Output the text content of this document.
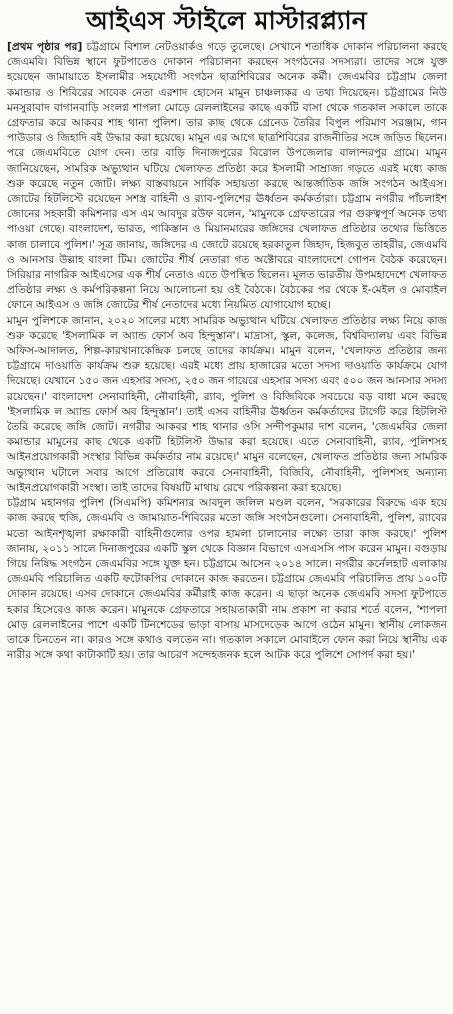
আইএস স্টাইলে মাস্টারপ্ল্যান

[প্রথম পৃষ্ঠার পর] চট্টগ্রামে বিশাল নেটওয়ার্কও গড়ে তুলেছে। সেখানে শতাধিক দোকান পরিচালনা করছে জেএমবি। বিভিন্ন স্থানে ফুটপাতেও দোকান পরিচালনা করছেন সংগঠনের সদস্যরা। তাদের সঙ্গে যুক্ত হয়েছেন জামায়াতে ইসলামীর সহযোগী সংগঠন ছাত্রশিবিরের অনেক কর্মী। জেএমবির চট্টগ্রাম জেলা কমান্ডার ও শিবিরের সাবেক নেতা এরশাদ হোসেন মামুন চাঞ্চল্যকর এ তথ্য দিয়েছেন। চট্টগ্রামের নিউ মনসুরাবাদ বাগানবাড়ি সংলগ্ন শাপলা মোড়ে রেললাইনের কাছে একটি বাসা থেকে গতকাল সকালে তাকে গ্রেফতার করে আকবর শাহ থানা পুলিশ। তার কাছ থেকে গ্রেনেড তৈরির বিপুল পরিমাণ সরঞ্জাম, গান পাউডার ও জিহাদি বই উদ্ধার করা হয়েছে। মামুন এর আগে ছাত্রশিবিরের রাজনীতির সঙ্গে জড়িত ছিলেন। পরে জেএমবিতে যোগ দেন। তার বাড়ি দিনাজপুরের বিরোল উপজেলার বালান্দরপুর গ্রামে। মামুন জানিয়েছেন, সামরিক অভ্যুত্থান ঘটিয়ে খেলাফত প্রতিষ্ঠা করে ইসলামী সাম্রাজ্য গড়তে এরই মধ্যে কাজ শুরু করেছে নতুন জোট। লক্ষ্য বাস্তবায়নে সার্বিক সহায়তা করছে আন্তর্জাতিক জঙ্গি সংগঠন আইএস। জোটের হিটলিস্টে রয়েছেন সশস্ত্র বাহিনী ও র‌্যাব-পুলিশের ঊর্ধ্বতন কর্মকর্তারা। চট্টগ্রাম নগরীর পাঁচলাইশ জোনের সহকারী কমিশনার এস এম আবদুর রউফ বলেন, 'মামুনকে গ্রেফতারের পর গুরুত্বপূর্ণ অনেক তথ্য পাওয়া গেছে। বাংলাদেশ, ভারত, পাকিস্তান ও মিয়ানমারের জঙ্গিদের খেলাফত প্রতিষ্ঠার তথ্যের ভিত্তিতে কাজ চালাবে পুলিশ।' সূত্র জানায়, জঙ্গিদের এ জোটে রয়েছে হরকাতুল জিহাদ, হিজবুত তাহরীর, জেএমবি ও আনসার উল্লাহ বাংলা টিম। জোটের শীর্ষ নেতারা গত অক্টোবরে বাংলাদেশে গোপন বৈঠক করেছেন। সিরিয়ার নাগরিক আইএসের এক শীর্ষ নেতাও এতে উপস্থিত ছিলেন। মূলত ভারতীয় উপমহাদেশে খেলাফত প্রতিষ্ঠার লক্ষ্য ও কর্মপরিকল্পনা নিয়ে আলোচনা হয় ওই বৈঠকে। বৈঠকের পর থেকে ই-মেইল ও মোবাইল ফোনে আইএস ও জঙ্গি জোটের শীর্ষ নেতাদের মধ্যে নিয়মিত যোগাযোগ হচ্ছে।

মামুন পুলিশকে জানান, ২০২০ সালের মধ্যে সামরিক অভ্যুত্থান ঘটিয়ে খেলাফত প্রতিষ্ঠার লক্ষ্য নিয়ে কাজ শুরু করেছে 'ইসলামিক ল অ্যান্ড ফোর্স অব হিন্দুস্তান'। মাদ্রাসা, স্কুল, কলেজ, বিশ্ববিদ্যালয় এবং বিভিন্ন অফিস-আদালত, শিল্প-কারখানাকেন্দ্রিক চলছে তাদের কার্যক্রম। মামুন বলেন, 'খেলাফত প্রতিষ্ঠার জন্য চট্টগ্রামে দাওয়াতি কার্যক্রম শুরু হয়েছে। এরই মধ্যে প্রায় হাজারের মতো সদস্য দাওয়াতি কার্যক্রমে যোগ দিয়েছে। যেখানে ১৫০ জন এহসার সদস্য, ২৫০ জন গায়েরে এহসার সদস্য এবং ৫০০ জন আনসার সদস্য রয়েছেন।' বাংলাদেশ সেনাবাহিনী, নৌবাহিনী, র‌্যাব, পুলিশ ও বিজিবিকে সবচেয়ে বড় বাধা মনে করছে 'ইসলামিক ল অ্যান্ড ফোর্স অব হিন্দুস্তান'। তাই এসব বাহিনীর ঊর্ধ্বতন কর্মকর্তাদের টার্গেট করে হিটলিস্ট তৈরি করেছে জঙ্গি জোট। নগরীর আকবর শাহ থানার ওসি সন্দীপকুমার দাশ বলেন, 'জেএমবির জেলা কমান্ডার মামুনের কাছ থেকে একটি হিটলিস্ট উদ্ধার করা হয়েছে। এতে সেনাবাহিনী, র‌্যাব, পুলিশসহ আইনপ্রয়োগকারী সংস্থার বিভিন্ন কর্মকর্তার নাম রয়েছে।' মামুন বলেছেন, খেলাফত প্রতিষ্ঠার জন্য সামরিক অভ্যুত্থান ঘটালে সবার আগে প্রতিরোধ করবে সেনাবাহিনী, বিজিবি, নৌবাহিনী, পুলিশসহ অন্যান্য আইনপ্রয়োগকারী সংস্থা। তাই তাদের বিষয়টি মাথায় রেখে পরিকল্পনা করা হয়েছে।

চট্টগ্রাম মহানগর পুলিশ (সিএমপি) কমিশনার আবদুল জলিল মণ্ডল বলেন, 'সরকারের বিরুদ্ধে এক হয়ে কাজ করছে হুজি, জেএমবি ও জামায়াত-শিবিরের মতো জঙ্গি সংগঠনগুলো। সেনাবাহিনী, পুলিশ, র‌্যাবের মতো আইনশৃঙ্খলা রক্ষাকারী বাহিনীগুলোর ওপর হামলা চালানোর লক্ষ্যে তারা কাজ করছে।' পুলিশ জানায়, ২০১১ সালে দিনাজপুরের একটি স্কুল থেকে বিজ্ঞান বিভাগে এসএসসি পাস করেন মামুন। বগুড়ায় গিয়ে নিষিদ্ধ সংগঠন জেএমবির সঙ্গে যুক্ত হন। চট্টগ্রামে আসেন ২০১৪ সালে। নগরীর কর্নেলহাট এলাকায় জেএমবি পরিচালিত একটি ফটোকপির দোকানে কাজ করতেন। চট্টগ্রামে জেএমবি পরিচালিত প্রায় ১০০টি দোকান রয়েছে। এসব দোকানে জেএমবির কর্মীরাই কাজ করেন। এ ছাড়া অনেক জেএমবি সদস্য ফুটপাতে হকার হিসেবেও কাজ করেন। মামুনকে গ্রেফতারে সহায়তাকারী নাম প্রকাশ না করার শর্তে বলেন, 'শাপলা মোড় রেললাইনের পাশে একটি টিনশেডের ভাড়া বাসায় মাসদেড়েক আগে ওঠেন মামুন। স্থানীয় লোকজন তাকে চিনতেন না। কারও সঙ্গে কথাও বলতেন না। গতকাল সকালে মোবাইলে ফোন করা নিয়ে স্থানীয় এক নারীর সঙ্গে কথা কাটাকাটি হয়। তার আচরণ সন্দেহজনক হলে আটক করে পুলিশে সোপর্দ করা হয়।'
